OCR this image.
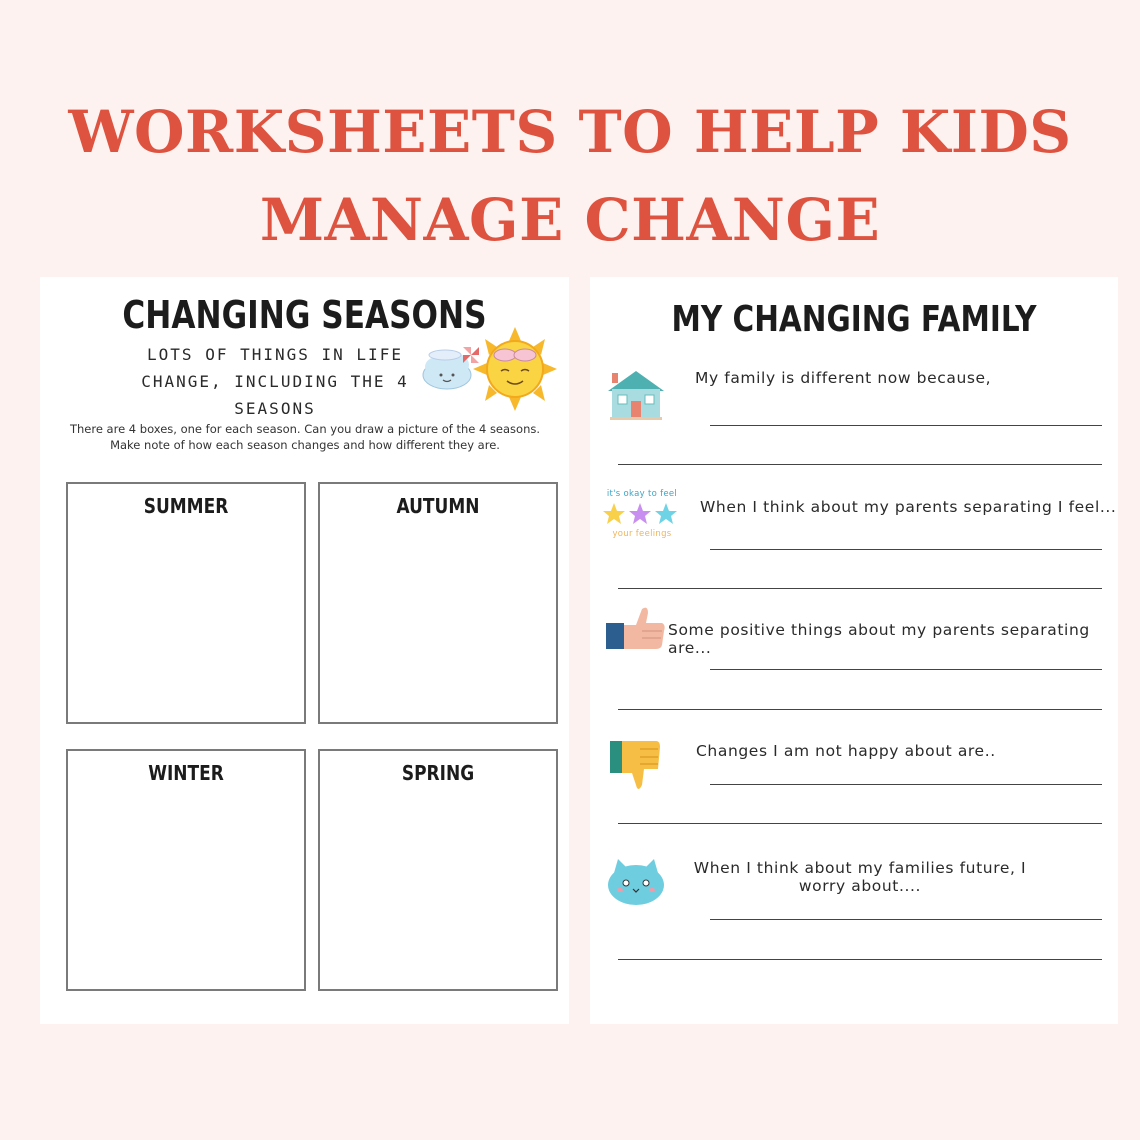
WORKSHEETS TO HELP KIDS
MANAGE CHANGE
CHANGING SEASONS
LOTS OF THINGS IN LIFE CHANGE, INCLUDING THE 4 SEASONS
There are 4 boxes, one for each season. Can you draw a picture of the 4 seasons. Make note of how each season changes and how different they are.
SUMMER	AUTUMN
WINTER	SPRING
MY CHANGING FAMILY
My family is different now because,
it's okay to feel
your feelings
When I think about my parents separating I feel...
Some positive things about my parents separating are...
Changes I am not happy about are..
When I think about my families future, I worry about....
